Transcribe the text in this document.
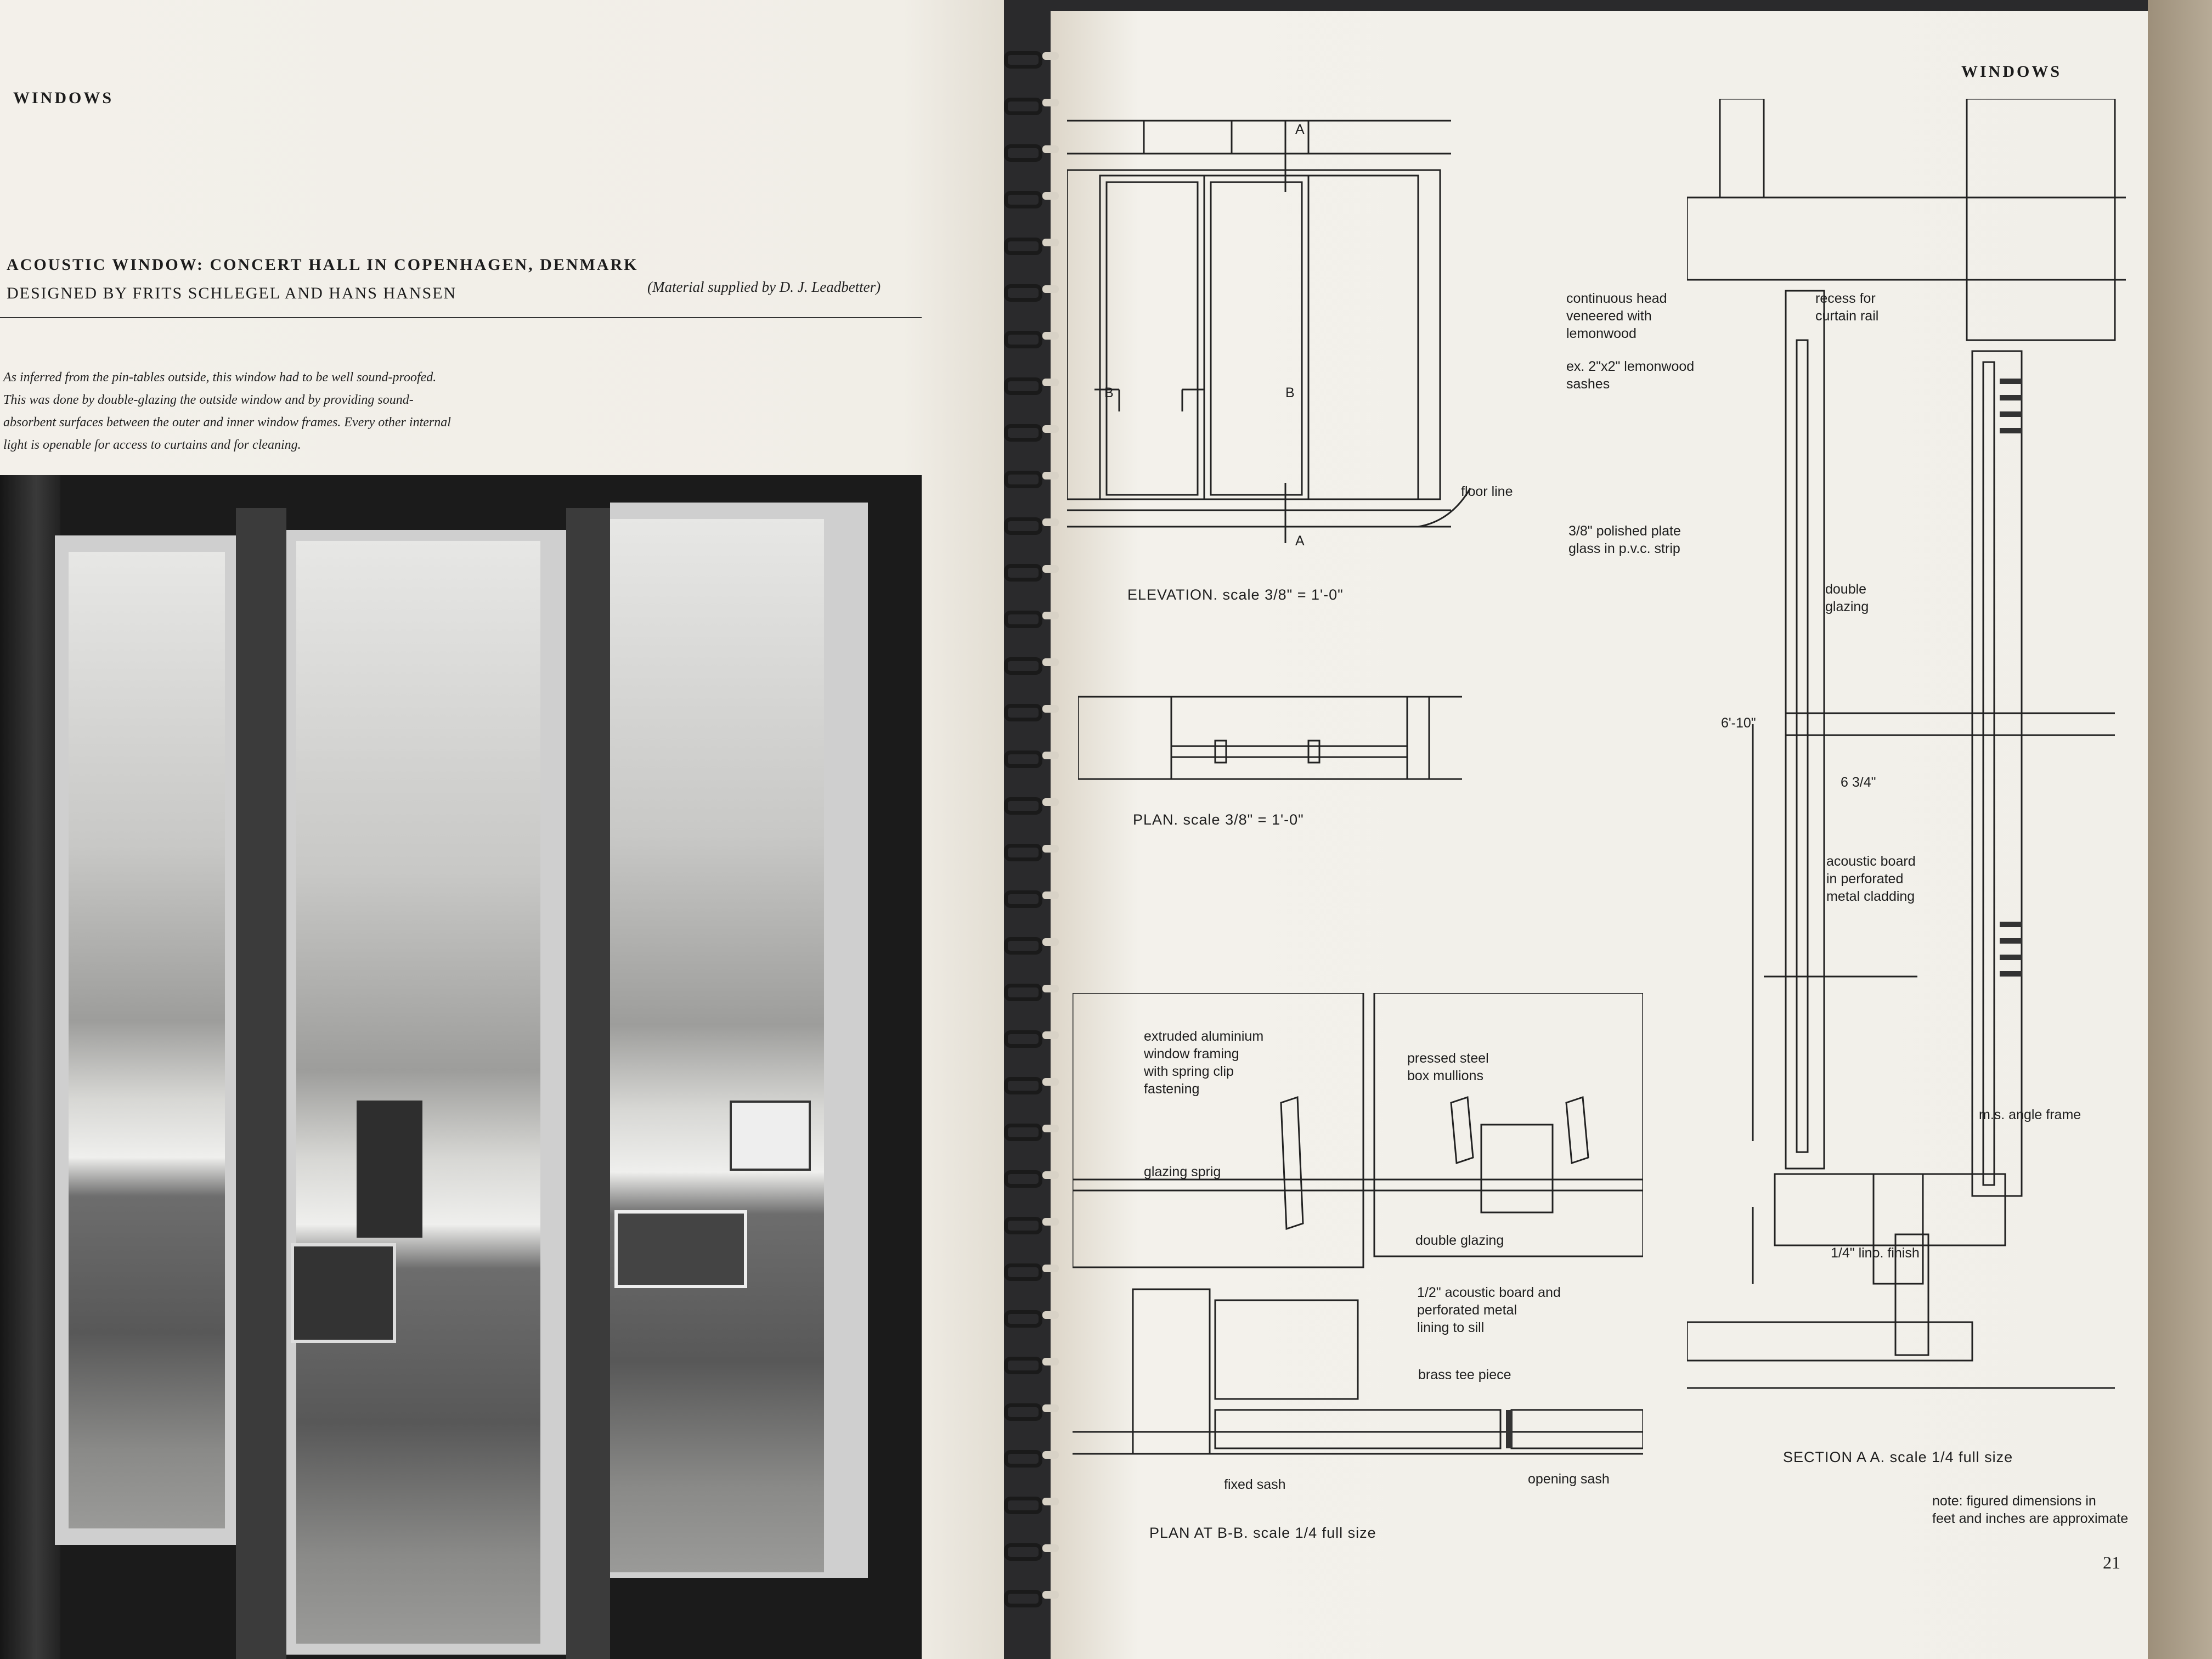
WINDOWS
ACOUSTIC WINDOW: CONCERT HALL IN COPENHAGEN, DENMARK
DESIGNED BY FRITS SCHLEGEL AND HANS HANSEN	(Material supplied by D. J. Leadbetter)
As inferred from the pin-tables outside, this window had to be well sound-proofed.
This was done by double-glazing the outside window and by providing sound-
absorbent surfaces between the outer and inner window frames. Every other internal
light is openable for access to curtains and for cleaning.
WINDOWS
A
A
B	B
floor line
ELEVATION. scale 3/8" = 1'-0"
PLAN. scale 3/8" = 1'-0"
extruded aluminium
window framing
with spring clip
fastening
pressed steel
box mullions
glazing sprig
double glazing
1/2" acoustic board and
perforated metal
lining to sill
brass tee piece
fixed sash	opening sash
PLAN AT B-B. scale 1/4 full size
continuous head
veneered with
lemonwood
recess for
curtain rail
ex. 2"x2" lemonwood
sashes
3/8" polished plate
glass in p.v.c. strip
double
glazing
6'-10"
6 3/4"
acoustic board
in perforated
metal cladding
m.s. angle frame
1/4" lino. finish
SECTION A A. scale 1/4 full size
note: figured dimensions in
feet and inches are approximate
21
